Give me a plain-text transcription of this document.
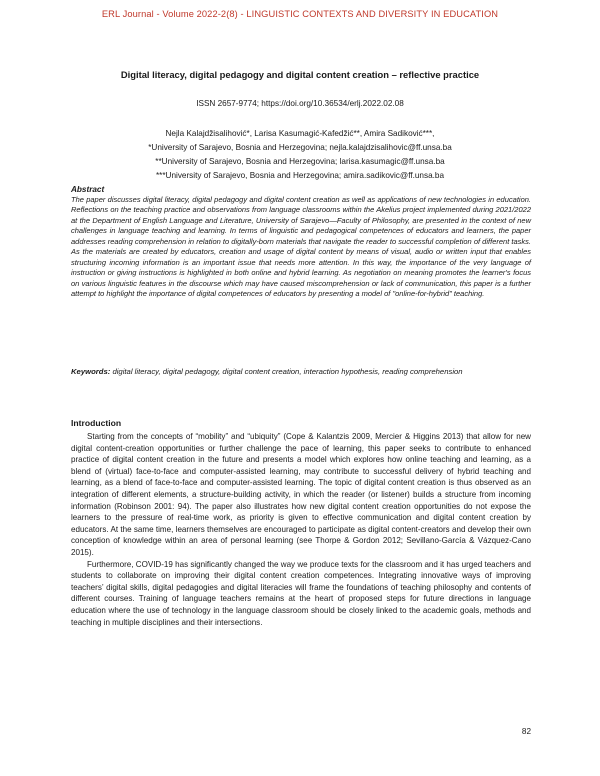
ERL Journal - Volume 2022-2(8) - LINGUISTIC CONTEXTS AND DIVERSITY IN EDUCATION
Digital literacy, digital pedagogy and digital content creation – reflective practice
ISSN 2657-9774; https://doi.org/10.36534/erlj.2022.02.08
Nejla Kalajdžisalihović*, Larisa Kasumagić-Kafedžić**, Amira Sadiković***,
*University of Sarajevo, Bosnia and Herzegovina; nejla.kalajdzisalihovic@ff.unsa.ba
**University of Sarajevo, Bosnia and Herzegovina; larisa.kasumagic@ff.unsa.ba
***University of Sarajevo, Bosnia and Herzegovina; amira.sadikovic@ff.unsa.ba
Abstract
The paper discusses digital literacy, digital pedagogy and digital content creation as well as applications of new technologies in education. Reflections on the teaching practice and observations from language classrooms within the Akelius project implemented during 2021/2022 at the Department of English Language and Literature, University of Sarajevo—Faculty of Philosophy, are presented in the context of new challenges in language teaching and learning. In terms of linguistic and pedagogical competences of educators and learners, the paper addresses reading comprehension in relation to digitally-born materials that navigate the reader to successful completion of different tasks. As the materials are created by educators, creation and usage of digital content by means of visual, audio or written input that enables structuring incoming information is an important issue that needs more attention. In this way, the importance of the very language of instruction or giving instructions is highlighted in both online and hybrid learning. As negotiation on meaning promotes the learner's focus on various linguistic features in the discourse which may have caused miscomprehension or lack of communication, this paper is a further attempt to highlight the importance of digital competences of educators by presenting a model of "online-for-hybrid" teaching.
Keywords: digital literacy, digital pedagogy, digital content creation, interaction hypothesis, reading comprehension
Introduction

Starting from the concepts of “mobility” and “ubiquity” (Cope & Kalantzis 2009, Mercier & Higgins 2013) that allow for new digital content-creation opportunities or further challenge the pace of learning, this paper seeks to contribute to enhanced practice of digital content creation in the future and presents a model which explores how online teaching and learning, as a blend of (virtual) face-to-face and computer-assisted learning, may contribute to successful delivery of hybrid teaching and learning, as a blend of face-to-face and computer-assisted learning. The topic of digital content creation is thus observed as an integration of different elements, a structure-building activity, in which the reader (or listener) builds a structure from incoming information (Robinson 2001: 94). The paper also illustrates how new digital content creation opportunities do not expose the learners to the pressure of real-time work, as priority is given to effective communication and digital content creation by educators. At the same time, learners themselves are encouraged to participate as digital content-creators and develop their own conception of knowledge within an area of personal learning (see Thorpe & Gordon 2012; Sevillano-García & Vázquez-Cano 2015).

Furthermore, COVID-19 has significantly changed the way we produce texts for the classroom and it has urged teachers and students to collaborate on improving their digital content creation competences. Integrating innovative ways of improving teachers’ digital skills, digital pedagogies and digital literacies will frame the foundations of teaching philosophy and contents of different courses. Training of language teachers remains at the heart of proposed steps for future directions in language education where the use of technology in the language classroom should be closely linked to the academic goals, methods and teaching in multiple disciplines and their intersections.

82
